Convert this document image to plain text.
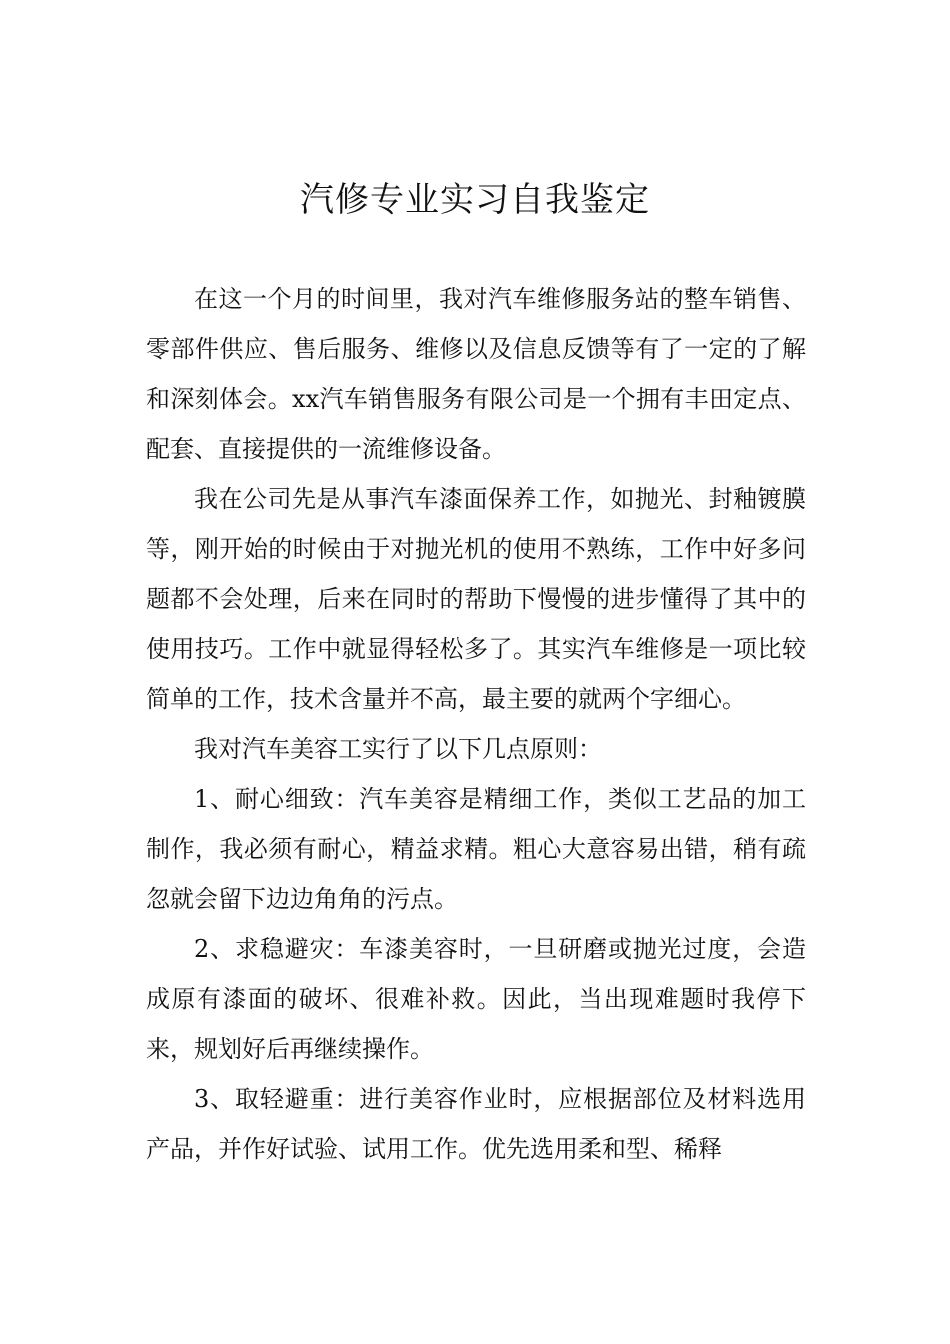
汽修专业实习自我鉴定

在这一个月的时间里，我对汽车维修服务站的整车销售、零部件供应、售后服务、维修以及信息反馈等有了一定的了解和深刻体会。xx汽车销售服务有限公司是一个拥有丰田定点、配套、直接提供的一流维修设备。

我在公司先是从事汽车漆面保养工作，如抛光、封釉镀膜等，刚开始的时候由于对抛光机的使用不熟练，工作中好多问题都不会处理，后来在同时的帮助下慢慢的进步懂得了其中的使用技巧。工作中就显得轻松多了。其实汽车维修是一项比较简单的工作，技术含量并不高，最主要的就两个字细心。

我对汽车美容工实行了以下几点原则：

1、耐心细致：汽车美容是精细工作，类似工艺品的加工制作，我必须有耐心，精益求精。粗心大意容易出错，稍有疏忽就会留下边边角角的污点。

2、求稳避灾：车漆美容时，一旦研磨或抛光过度，会造成原有漆面的破坏、很难补救。因此，当出现难题时我停下来，规划好后再继续操作。

3、取轻避重：进行美容作业时，应根据部位及材料选用产品，并作好试验、试用工作。优先选用柔和型、稀释
